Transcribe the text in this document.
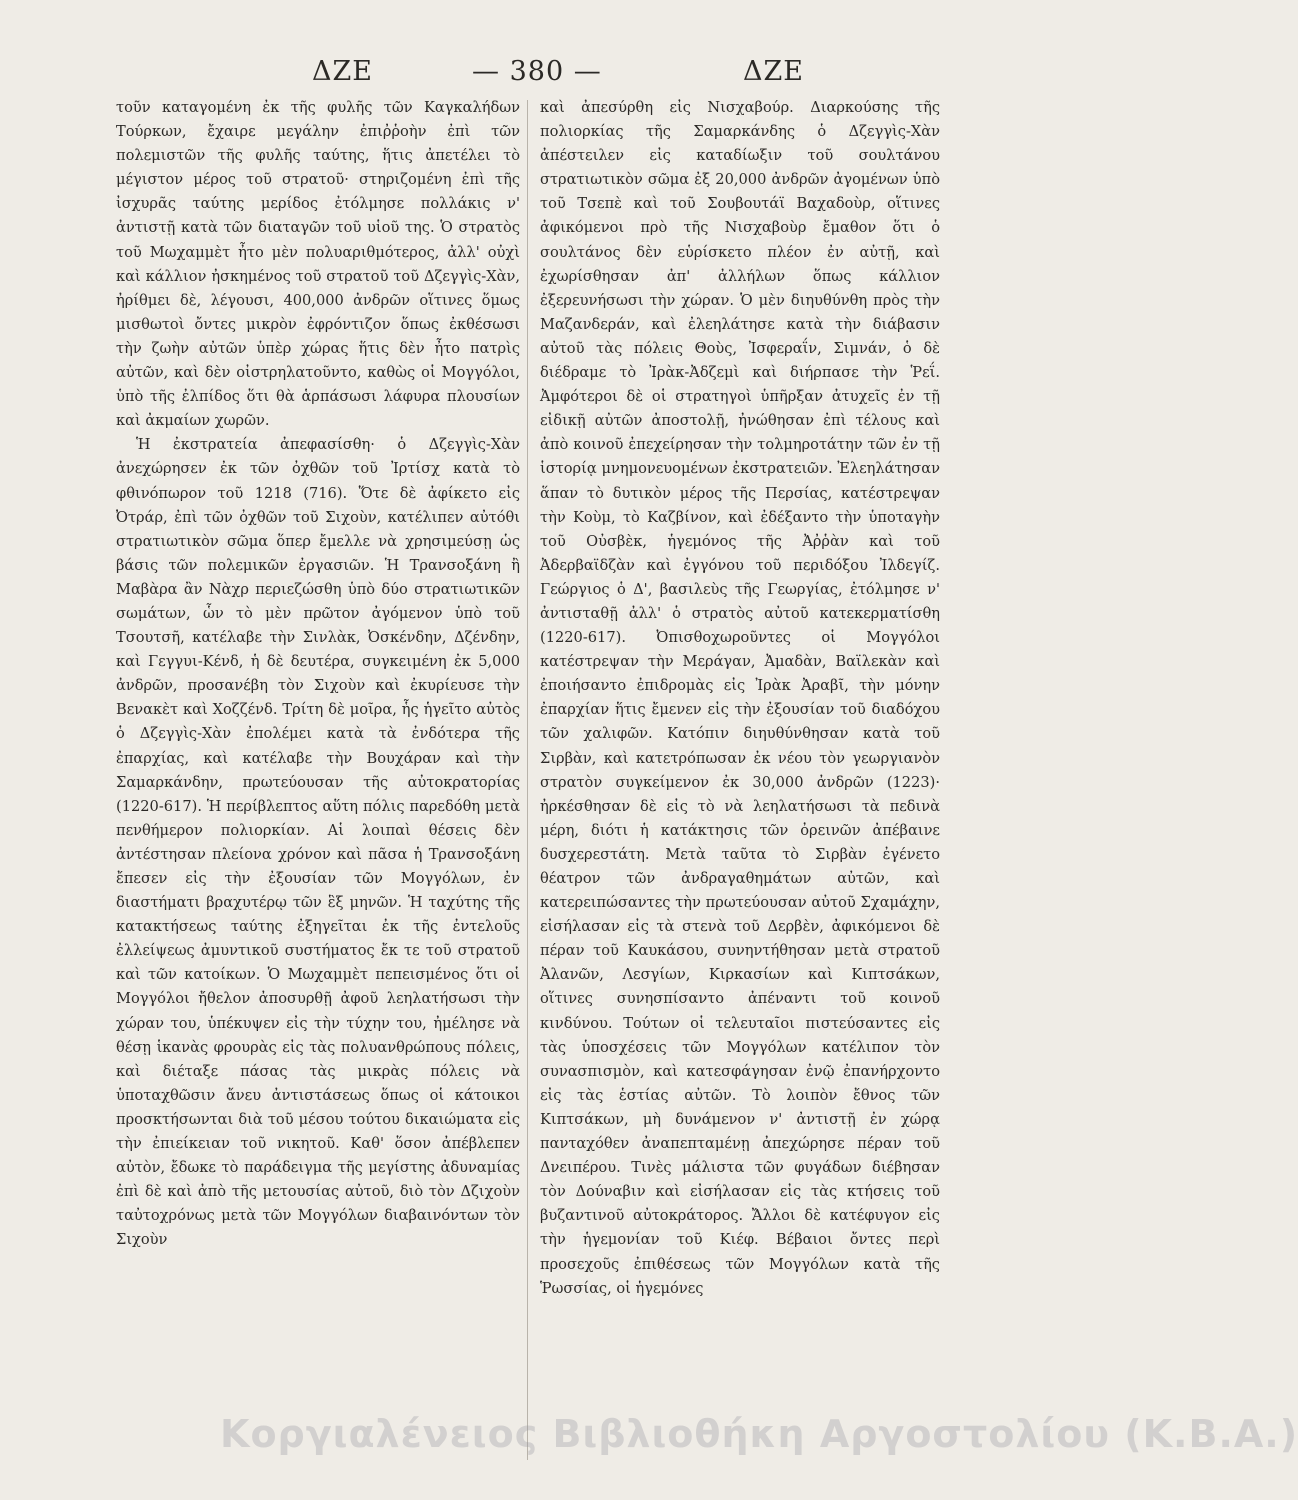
ΔΖΕ	— 380 —	ΔΖΕ

τοῦν καταγομένη ἐκ τῆς φυλῆς τῶν Καγκαλήδων Τούρκων, ἔχαιρε μεγάλην ἐπιῤῥοὴν ἐπὶ τῶν πολεμιστῶν τῆς φυλῆς ταύτης, ἥτις ἀπετέλει τὸ μέγιστον μέρος τοῦ στρατοῦ· στηριζομένη ἐπὶ τῆς ἰσχυρᾶς ταύτης μερίδος ἐτόλμησε πολλάκις ν' ἀντιστῇ κατὰ τῶν διαταγῶν τοῦ υἱοῦ της. Ὁ στρατὸς τοῦ Μωχαμμὲτ ἦτο μὲν πολυαριθμότερος, ἀλλ' οὐχὶ καὶ κάλλιον ἠσκημένος τοῦ στρατοῦ τοῦ Δζεγγὶς-Χὰν, ἠρίθμει δὲ, λέγουσι, 400,000 ἀνδρῶν οἵτινες ὅμως μισθωτοὶ ὄντες μικρὸν ἐφρόντιζον ὅπως ἐκθέσωσι τὴν ζωὴν αὐτῶν ὑπὲρ χώρας ἥτις δὲν ἦτο πατρὶς αὐτῶν, καὶ δὲν οἰστρηλατοῦντο, καθὼς οἱ Μογγόλοι, ὑπὸ τῆς ἐλπίδος ὅτι θὰ ἁρπάσωσι λάφυρα πλουσίων καὶ ἀκμαίων χωρῶν.

Ἡ ἐκστρατεία ἀπεφασίσθη· ὁ Δζεγγὶς-Χὰν ἀνεχώρησεν ἐκ τῶν ὀχθῶν τοῦ Ἰρτίσχ κατὰ τὸ φθινόπωρον τοῦ 1218 (716). Ὅτε δὲ ἀφίκετο εἰς Ὀτράρ, ἐπὶ τῶν ὀχθῶν τοῦ Σιχοὺν, κατέλιπεν αὐτόθι στρατιωτικὸν σῶμα ὅπερ ἔμελλε νὰ χρησιμεύσῃ ὡς βάσις τῶν πολεμικῶν ἐργασιῶν. Ἡ Τρανσοξάνη ἢ Μαβὰρα ἂν Νὰχρ περιεζώσθη ὑπὸ δύο στρατιωτικῶν σωμάτων, ὧν τὸ μὲν πρῶτον ἀγόμενον ὑπὸ τοῦ Τσουτσῆ, κατέλαβε τὴν Σινλὰκ, Ὀσκένδην, Δζένδην, καὶ Γεγγυι-Κένδ, ἡ δὲ δευτέρα, συγκειμένη ἐκ 5,000 ἀνδρῶν, προσανέβη τὸν Σιχοὺν καὶ ἐκυρίευσε τὴν Βενακὲτ καὶ Χοζζένδ. Τρίτη δὲ μοῖρα, ἧς ἡγεῖτο αὐτὸς ὁ Δζεγγὶς-Χὰν ἐπολέμει κατὰ τὰ ἐνδότερα τῆς ἐπαρχίας, καὶ κατέλαβε τὴν Βουχάραν καὶ τὴν Σαμαρκάνδην, πρωτεύουσαν τῆς αὐτοκρατορίας (1220-617). Ἡ περίβλεπτος αὕτη πόλις παρεδόθη μετὰ πενθήμερον πολιορκίαν. Αἱ λοιπαὶ θέσεις δὲν ἀντέστησαν πλείονα χρόνον καὶ πᾶσα ἡ Τρανσοξάνη ἔπεσεν εἰς τὴν ἐξουσίαν τῶν Μογγόλων, ἐν διαστήματι βραχυτέρῳ τῶν ἓξ μηνῶν. Ἡ ταχύτης τῆς κατακτήσεως ταύτης ἐξηγεῖται ἐκ τῆς ἐντελοῦς ἐλλείψεως ἀμυντικοῦ συστήματος ἔκ τε τοῦ στρατοῦ καὶ τῶν κατοίκων. Ὁ Μωχαμμὲτ πεπεισμένος ὅτι οἱ Μογγόλοι ἤθελον ἀποσυρθῇ ἀφοῦ λεηλατήσωσι τὴν χώραν του, ὑπέκυψεν εἰς τὴν τύχην του, ἠμέλησε νὰ θέσῃ ἱκανὰς φρουρὰς εἰς τὰς πολυανθρώπους πόλεις, καὶ διέταξε πάσας τὰς μικρὰς πόλεις νὰ ὑποταχθῶσιν ἄνευ ἀντιστάσεως ὅπως οἱ κάτοικοι προσκτήσωνται διὰ τοῦ μέσου τούτου δικαιώματα εἰς τὴν ἐπιείκειαν τοῦ νικητοῦ. Καθ' ὅσον ἀπέβλεπεν αὐτὸν, ἔδωκε τὸ παράδειγμα τῆς μεγίστης ἀδυναμίας ἐπὶ δὲ καὶ ἀπὸ τῆς μετουσίας αὐτοῦ, διὸ τὸν Δζιχοὺν ταὐτοχρόνως μετὰ τῶν Μογγόλων διαβαινόντων τὸν Σιχοὺν

καὶ ἀπεσύρθη εἰς Νισχαβούρ. Διαρκούσης τῆς πολιορκίας τῆς Σαμαρκάνδης ὁ Δζεγγὶς-Χὰν ἀπέστειλεν εἰς καταδίωξιν τοῦ σουλτάνου στρατιωτικὸν σῶμα ἐξ 20,000 ἀνδρῶν ἀγομένων ὑπὸ τοῦ Τσεπὲ καὶ τοῦ Σουβουτάϊ Βαχαδοὺρ, οἵτινες ἀφικόμενοι πρὸ τῆς Νισχαβοὺρ ἔμαθον ὅτι ὁ σουλτάνος δὲν εὑρίσκετο πλέον ἐν αὐτῇ, καὶ ἐχωρίσθησαν ἀπ' ἀλλήλων ὅπως κάλλιον ἐξερευνήσωσι τὴν χώραν. Ὁ μὲν διηυθύνθη πρὸς τὴν Μαζανδεράν, καὶ ἐλεηλάτησε κατὰ τὴν διάβασιν αὐτοῦ τὰς πόλεις Θοὺς, Ἰσφεραΐν, Σιμνάν, ὁ δὲ διέδραμε τὸ Ἰρὰκ-Ἀδζεμὶ καὶ διήρπασε τὴν Ῥεΐ. Ἀμφότεροι δὲ οἱ στρατηγοὶ ὑπῆρξαν ἀτυχεῖς ἐν τῇ εἰδικῇ αὐτῶν ἀποστολῇ, ἠνώθησαν ἐπὶ τέλους καὶ ἀπὸ κοινοῦ ἐπεχείρησαν τὴν τολμηροτάτην τῶν ἐν τῇ ἱστορίᾳ μνημονευομένων ἐκστρατειῶν. Ἐλεηλάτησαν ἅπαν τὸ δυτικὸν μέρος τῆς Περσίας, κατέστρεψαν τὴν Κοὺμ, τὸ Καζβίνον, καὶ ἐδέξαντο τὴν ὑποταγὴν τοῦ Οὐσβὲκ, ἡγεμόνος τῆς Ἀῤῥὰν καὶ τοῦ Ἀδερβαϊδζὰν καὶ ἐγγόνου τοῦ περιδόξου Ἰλδεγίζ. Γεώργιος ὁ Δ', βασιλεὺς τῆς Γεωργίας, ἐτόλμησε ν' ἀντισταθῇ ἀλλ' ὁ στρατὸς αὐτοῦ κατεκερματίσθη (1220-617). Ὀπισθοχωροῦντες οἱ Μογγόλοι κατέστρεψαν τὴν Μεράγαν, Ἀμαδὰν, Βαϊλεκὰν καὶ ἐποιήσαντο ἐπιδρομὰς εἰς Ἰρὰκ Ἀραβῖ, τὴν μόνην ἐπαρχίαν ἥτις ἔμενεν εἰς τὴν ἐξουσίαν τοῦ διαδόχου τῶν χαλιφῶν. Κατόπιν διηυθύνθησαν κατὰ τοῦ Σιρβὰν, καὶ κατετρόπωσαν ἐκ νέου τὸν γεωργιανὸν στρατὸν συγκείμενον ἐκ 30,000 ἀνδρῶν (1223)· ἠρκέσθησαν δὲ εἰς τὸ νὰ λεηλατήσωσι τὰ πεδινὰ μέρη, διότι ἡ κατάκτησις τῶν ὀρεινῶν ἀπέβαινε δυσχερεστάτη. Μετὰ ταῦτα τὸ Σιρβὰν ἐγένετο θέατρον τῶν ἀνδραγαθημάτων αὐτῶν, καὶ κατερειπώσαντες τὴν πρωτεύουσαν αὐτοῦ Σχαμάχην, εἰσήλασαν εἰς τὰ στενὰ τοῦ Δερβὲν, ἀφικόμενοι δὲ πέραν τοῦ Καυκάσου, συνηντήθησαν μετὰ στρατοῦ Ἀλανῶν, Λεσγίων, Κιρκασίων καὶ Κιπτσάκων, οἵτινες συνησπίσαντο ἀπέναντι τοῦ κοινοῦ κινδύνου. Τούτων οἱ τελευταῖοι πιστεύσαντες εἰς τὰς ὑποσχέσεις τῶν Μογγόλων κατέλιπον τὸν συνασπισμὸν, καὶ κατεσφάγησαν ἐνῷ ἐπανήρχοντο εἰς τὰς ἑστίας αὐτῶν. Τὸ λοιπὸν ἔθνος τῶν Κιπτσάκων, μὴ δυνάμενον ν' ἀντιστῇ ἐν χώρᾳ πανταχόθεν ἀναπεπταμένῃ ἀπεχώρησε πέραν τοῦ Δνειπέρου. Τινὲς μάλιστα τῶν φυγάδων διέβησαν τὸν Δούναβιν καὶ εἰσήλασαν εἰς τὰς κτήσεις τοῦ βυζαντινοῦ αὐτοκράτορος. Ἄλλοι δὲ κατέφυγον εἰς τὴν ἡγεμονίαν τοῦ Κιέφ. Βέβαιοι ὄντες περὶ προσεχοῦς ἐπιθέσεως τῶν Μογγόλων κατὰ τῆς Ῥωσσίας, οἱ ἡγεμόνες

Κοργιαλένειος Βιβλιοθήκη Αργοστολίου (Κ.Β.Α.)
